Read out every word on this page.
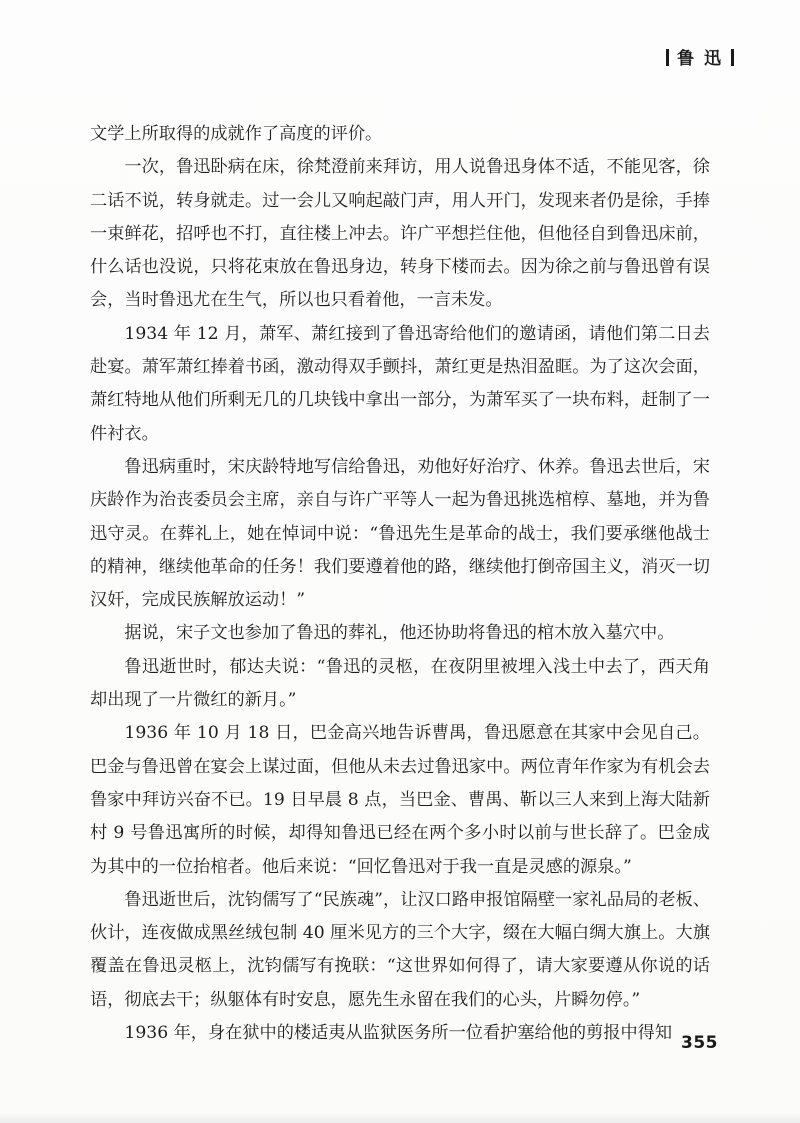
鲁 迅

文学上所取得的成就作了高度的评价。

一次，鲁迅卧病在床，徐梵澄前来拜访，用人说鲁迅身体不适，不能见客，徐二话不说，转身就走。过一会儿又响起敲门声，用人开门，发现来者仍是徐，手捧一束鲜花，招呼也不打，直往楼上冲去。许广平想拦住他，但他径自到鲁迅床前，什么话也没说，只将花束放在鲁迅身边，转身下楼而去。因为徐之前与鲁迅曾有误会，当时鲁迅尤在生气，所以也只看着他，一言未发。

1934 年 12 月，萧军、萧红接到了鲁迅寄给他们的邀请函，请他们第二日去赴宴。萧军萧红捧着书函，激动得双手颤抖，萧红更是热泪盈眶。为了这次会面，萧红特地从他们所剩无几的几块钱中拿出一部分，为萧军买了一块布料，赶制了一件衬衣。

鲁迅病重时，宋庆龄特地写信给鲁迅，劝他好好治疗、休养。鲁迅去世后，宋庆龄作为治丧委员会主席，亲自与许广平等人一起为鲁迅挑选棺椁、墓地，并为鲁迅守灵。在葬礼上，她在悼词中说：“鲁迅先生是革命的战士，我们要承继他战士的精神，继续他革命的任务！我们要遵着他的路，继续他打倒帝国主义，消灭一切汉奸，完成民族解放运动！”

据说，宋子文也参加了鲁迅的葬礼，他还协助将鲁迅的棺木放入墓穴中。

鲁迅逝世时，郁达夫说：“鲁迅的灵柩，在夜阴里被埋入浅土中去了，西天角却出现了一片微红的新月。”

1936 年 10 月 18 日，巴金高兴地告诉曹禺，鲁迅愿意在其家中会见自己。巴金与鲁迅曾在宴会上谋过面，但他从未去过鲁迅家中。两位青年作家为有机会去鲁家中拜访兴奋不已。19 日早晨 8 点，当巴金、曹禺、靳以三人来到上海大陆新村 9 号鲁迅寓所的时候，却得知鲁迅已经在两个多小时以前与世长辞了。巴金成为其中的一位抬棺者。他后来说：“回忆鲁迅对于我一直是灵感的源泉。”

鲁迅逝世后，沈钧儒写了“民族魂”，让汉口路申报馆隔壁一家礼品局的老板、伙计，连夜做成黑丝绒包制 40 厘米见方的三个大字，缀在大幅白绸大旗上。大旗覆盖在鲁迅灵柩上，沈钧儒写有挽联：“这世界如何得了，请大家要遵从你说的话语，彻底去干；纵躯体有时安息，愿先生永留在我们的心头，片瞬勿停。”

1936 年，身在狱中的楼适夷从监狱医务所一位看护塞给他的剪报中得知 355
